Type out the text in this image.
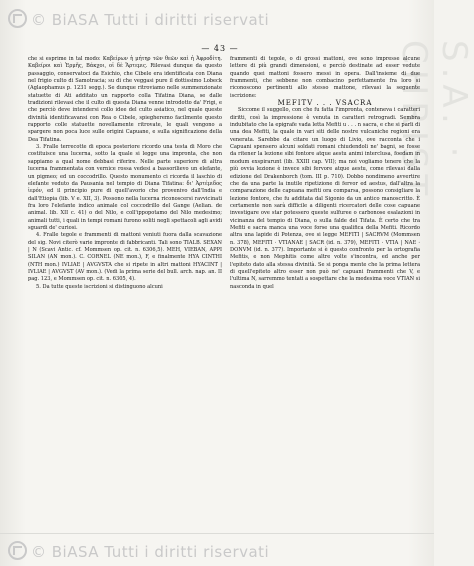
© BiASA Tutti i diritti riservati
S.A. · CHRIST
— 43 —

che si esprime in tal modo: Καβείρων ἡ μήτηρ τῶν θεῶν καὶ ἡ Ἀφροδίτη. Καβείροι καὶ Ἑρμῆς, Βάκχοι, οἱ δὲ Ἄρτεμις. Rilevasi dunque da questo passaggio, conservatoci da Esichio, che Cibele era identificata con Diana nel frigio culto di Samotracia; su di che veggasi pure il dottissimo Lobeck (Aglaophamus p. 1231 segg.). Se dunque ritroviamo nelle summenzionate statuette di Ati additato un rapporto colla Tifatina Diana, se dalle tradizioni rilevasi che il culto di questa Diana venne introdotto da' Frigi, e che perciò deve intendersi collo idee del culto asiatico, nel quale queste divinità identificavansi con Rea o Cibele, spiegheremo facilmente questo rapporto colle statuette novellamente ritrovate, le quali vengono a spargere non poca luce sulle origini Capuane, e sulla significazione della Dea Tifatina.

3. Fralle terrecotte di epoca posteriore ricordo una testa di Moro che costituisce una lucerna, sotto la quale si legge una impronta, che non sappiamo a qual nome debbasi riferire. Nelle parte superiore di altra lucerna frammentata con vernice rossa vedesi a bassorilievo un elefante, un pigmeo; ed un coccodrillo. Questo monumento ci ricorda il laschio di elefante veduto da Pausania nel tempio di Diana Tifatina: δι' Ἀρτέμιδος ἱερόν, ed il principio pure di quell'avorio che provenivo dall'India e dall'Etiopia (lib. V e. XII, 3). Possono nella lucerna riconoscersi ravvicinati fra loro l'elefante indico animale col coccodrillo del Gange (Aelian. de animal. lib. XII c. 41) o del Nilo, e coll'ippopotamo del Nilo medesimo; animali tutti, i quali in tempi romani furono soliti negli spettacoli agli avidi sguardi de' curiosi.

4. Fralle tegole e frammenti di mattoni veniuti fuora dalla scavazione del sig. Novi citerò varie impronte di fabbricanti. Tali sono TIALB. SEXAN | N (Scavi Antic. cf. Mommsen op. cit. n. 6306,5). MEH, VIEBAN, APPI SILAN (AN mon.). C. CORNEL (NE mon.), F, e finalmente HYA CINTHI (NTH mon.) IVLIAE | AVGVSTA che si ripete in altri mattoni HYACINT | IVLIAE | AVGVST (AV mon.). (Vedi la prima serie del bull. arch. nap. an. II pag. 123, e Mommsen op. cit. n. 6305, 4).

5. Da tutte queste iscrizioni si distinguono alcuni

frammenti di tegole, o di grossi mattoni, ove sono impresse alcune lettere di più grandi dimensioni, e perciò destinate ad esser vedute quando quei mattoni fossero messi in opera. Dall'insieme di due frammenti, che sebbene non combacino perfettamente fra loro si riconoscono pertinenti allo stesso mattone, rilevasi la seguente iscrizione:

MEFITV . . . VSACRA

Siccome il suggello, con che fu fatta l'impronta, conteneva i caratteri diritti, così la impressione è venuta in caratteri retrogradi. Sembra indubitato che la epigrafe vada letta Mefiti u . . . n sacra, e che si parli di una dea Mefiti, la quale in vari siti delle nostre vulcaniche regioni era venerata. Sarebbe da citare un luogo di Livio, ove racconta che i Capuani spensero alcuni soldati romani chiudendoli ne' bagni, se fosse da ritener la lezione sibi fontore atque aestu animi interclusa, foedam in modum exspirarunt (lib. XXIII cap. VII); ma noi vogliamo tenere che la più ovvia lezione è invece sibi fervore atque aestu, come rilevasi dalla edizione del Drakenborch (tom. III p. 710). Dobbo nondimeno avvertire che da una parte la inutile ripetizione di fervor ed aestus, dall'altra la comparazione delle capuana mefiti ora comparsa, possono consigliare la lezione fontore, che fu additata dal Sigonio da un antico manoscritto. È certamente non sarà difficile a diligenti ricercatori delle cose capuane investigare ove star potessero queste sulfuree o carbonose esalazioni in vicinanza del tempio di Diana, o sulla falde del Tifata. È certo che tra Mefiti e sacra manca una voce forse una qualifica della Mefiti. Ricordo altra una lapide di Potenza, ove si legge MEFITI | SACRVM (Mommsen n. 378), MEFITI · VTIANAE | SACR (id. n. 379), MEFITI · VTIA | NAE · DONVM (id. n. 377). Importante si è questo confronto per la ortografia Mefitis, e non Mephitis come altre volte s'incontra, ed anche per l'epiteto dato alla stessa divinità. Se si ponga mente che la prima lettera di quell'epiteto altro esser non può ne' capuani frammenti che V, e l'ultima N, sarremmo tentati a sospettare che la medesima voce VTIAN si nasconda in quel

© BiASA Tutti i diritti riservati
